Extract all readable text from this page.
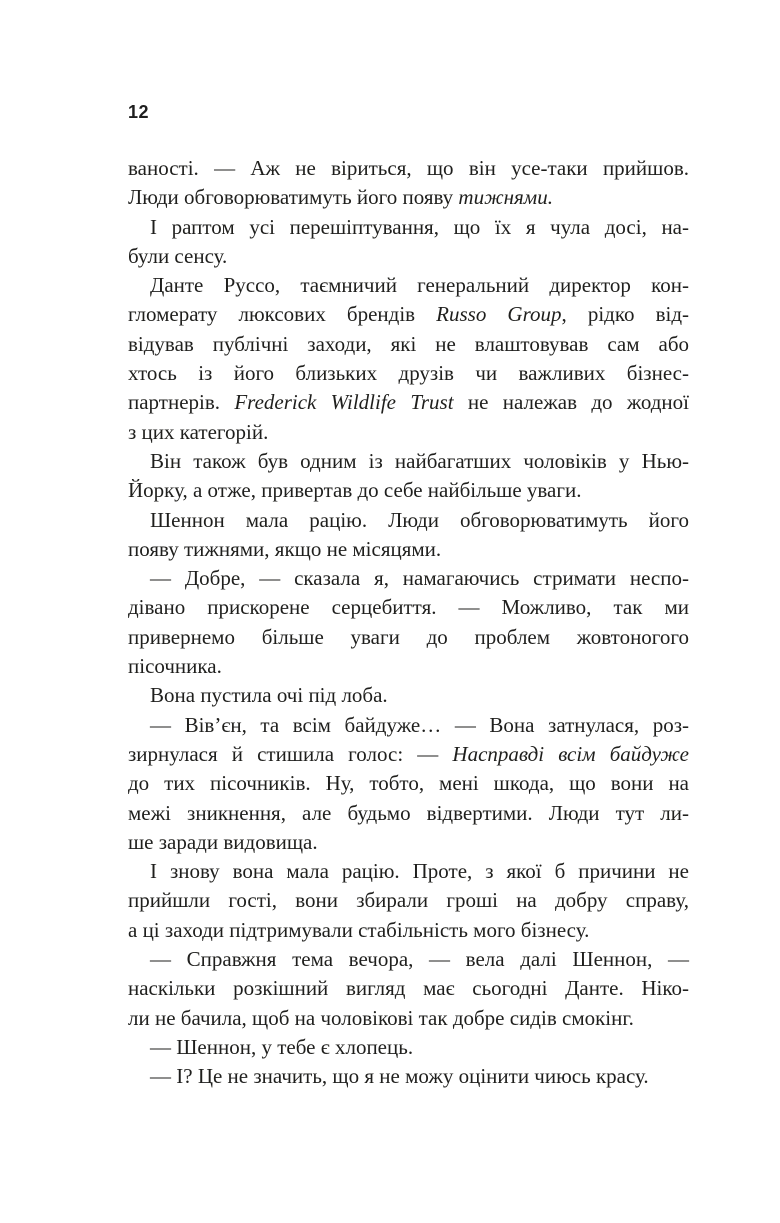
12
ваності. — Аж не віриться, що він усе-таки прийшов.
Люди обговорюватимуть його появу тижнями.
І раптом усі перешіптування, що їх я чула досі, на-
були сенсу.
Данте Руссо, таємничий генеральний директор кон-
гломерату люксових брендів Russo Group, рідко від-
відував публічні заходи, які не влаштовував сам або
хтось із його близьких друзів чи важливих бізнес-
партнерів. Frederick Wildlife Trust не належав до жодної
з цих категорій.
Він також був одним із найбагатших чоловіків у Нью-
Йорку, а отже, привертав до себе найбільше уваги.
Шеннон мала рацію. Люди обговорюватимуть його
появу тижнями, якщо не місяцями.
— Добре, — сказала я, намагаючись стримати неспо-
дівано прискорене серцебиття. — Можливо, так ми
привернемо більше уваги до проблем жовтоногого
пісочника.
Вона пустила очі під лоба.
— Вів’єн, та всім байдуже… — Вона затнулася, роз-
зирнулася й стишила голос: — Насправді всім байдуже
до тих пісочників. Ну, тобто, мені шкода, що вони на
межі зникнення, але будьмо відвертими. Люди тут ли-
ше заради видовища.
І знову вона мала рацію. Проте, з якої б причини не
прийшли гості, вони збирали гроші на добру справу,
а ці заходи підтримували стабільність мого бізнесу.
— Справжня тема вечора, — вела далі Шеннон, —
наскільки розкішний вигляд має сьогодні Данте. Ніко-
ли не бачила, щоб на чоловікові так добре сидів смокінг.
— Шеннон, у тебе є хлопець.
— І? Це не значить, що я не можу оцінити чиюсь красу.
